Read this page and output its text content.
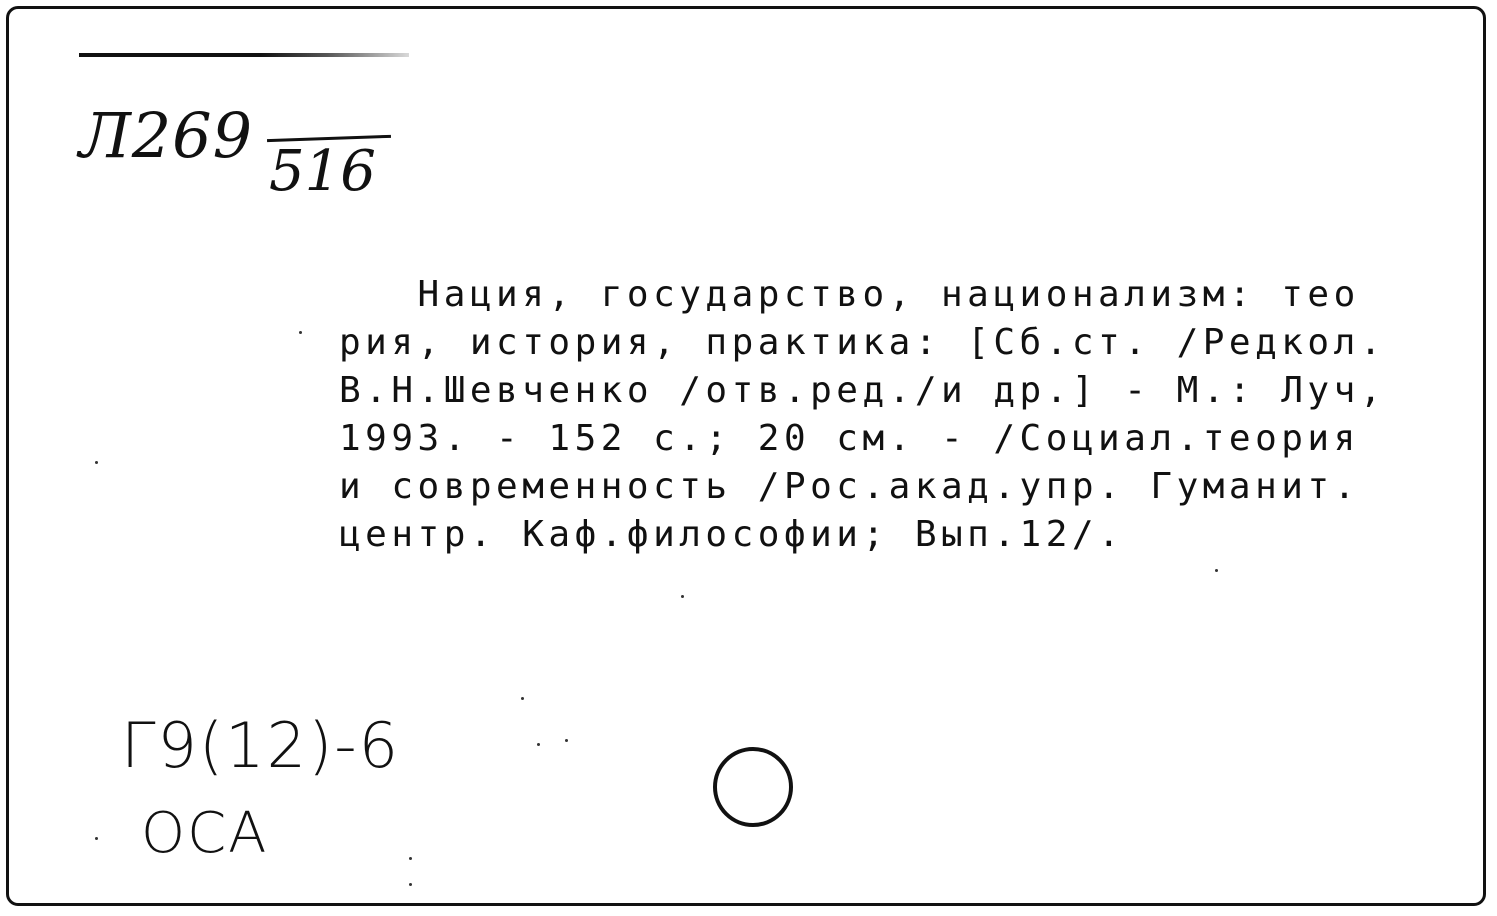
Л269 516
Нация, государство, национализм: тео
рия, история, практика: [Сб.ст. /Редкол.
В.Н.Шевченко /отв.ред./и др.] - М.: Луч,
1993. - 152 с.; 20 см. - /Социал.теория
и современность /Рос.акад.упр. Гуманит.
центр. Каф.философии; Вып.12/.
Г9(12)-6
ОСА
